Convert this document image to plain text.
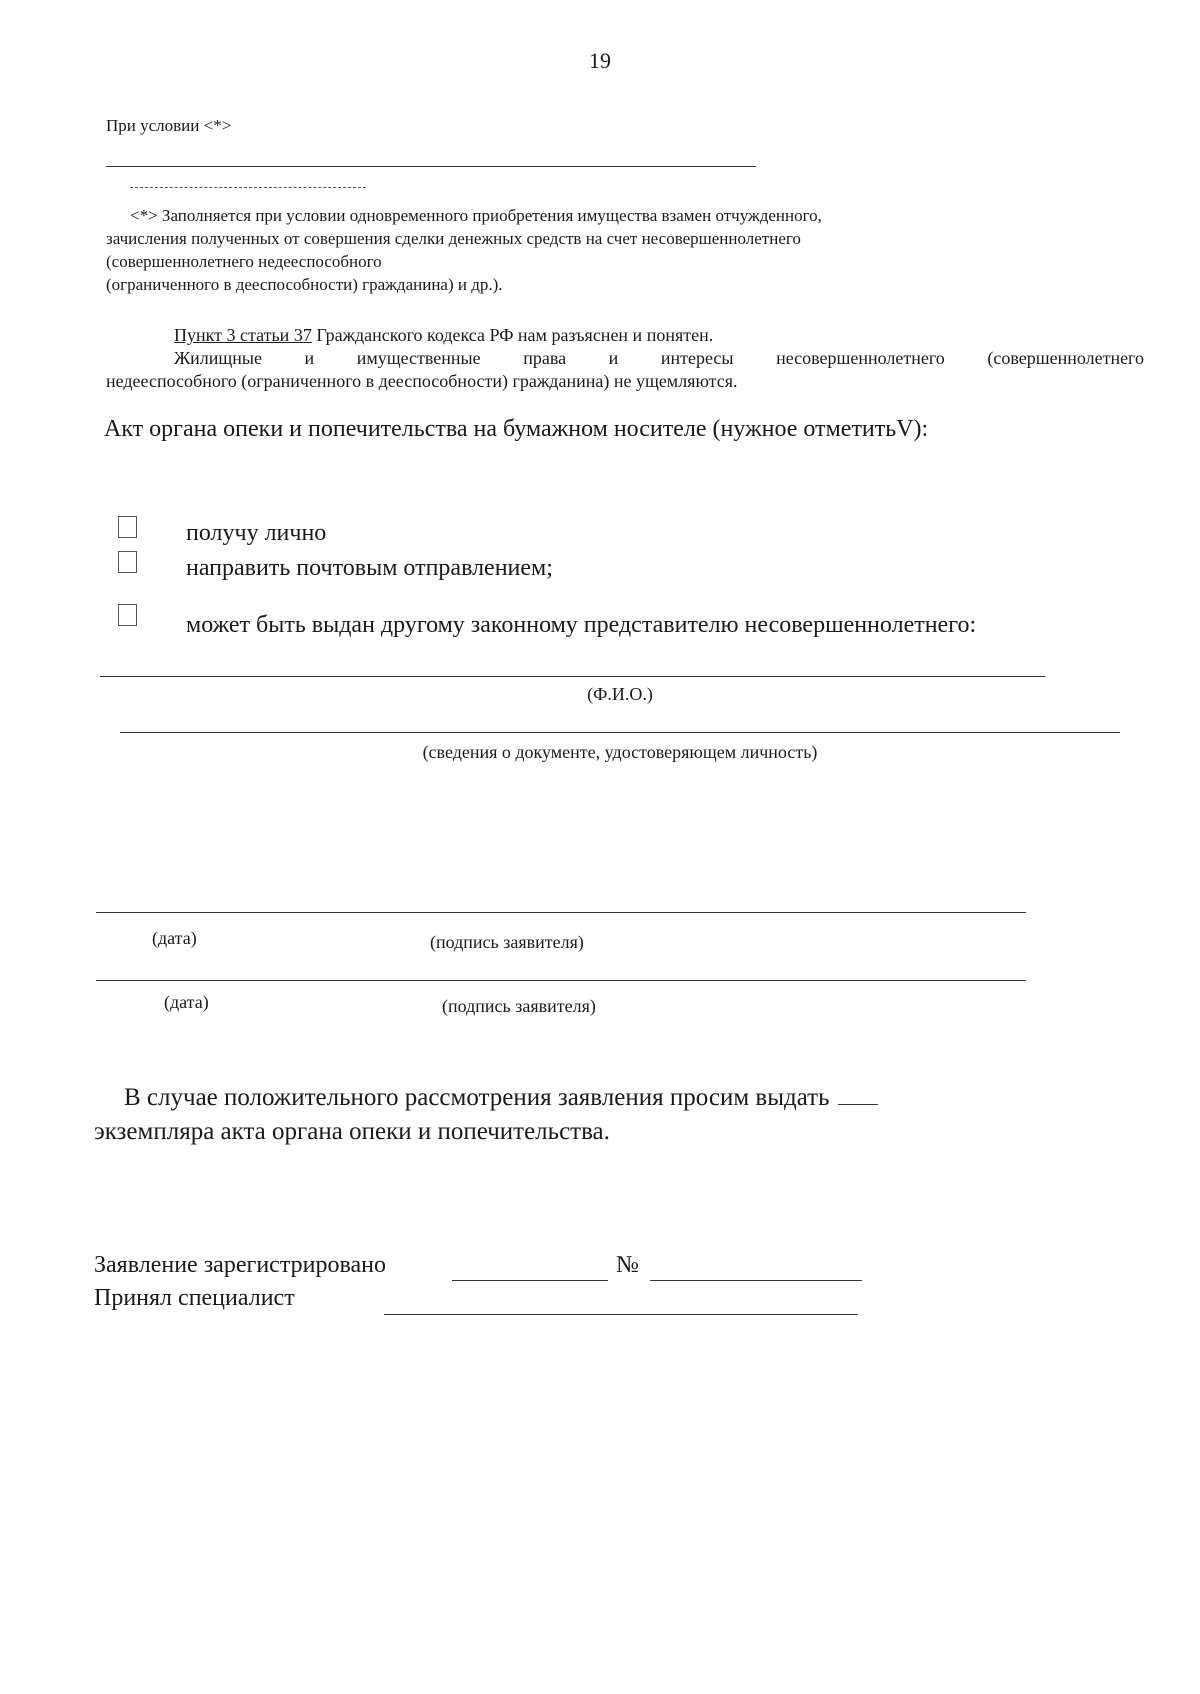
19
При условии <*>
<*> Заполняется при условии одновременного приобретения имущества взамен отчужденного,
зачисления полученных от совершения сделки денежных средств на счет несовершеннолетнего
(совершеннолетнего недееспособного
(ограниченного в дееспособности) гражданина) и др.).
Пункт 3 статьи 37 Гражданского кодекса РФ нам разъяснен и понятен.
Жилищные и имущественные права и интересы несовершеннолетнего (совершеннолетнего
недееспособного (ограниченного в дееспособности) гражданина) не ущемляются.
Акт органа опеки и попечительства на бумажном носителе (нужное отметитьV):
получу лично
направить почтовым отправлением;
может быть выдан другому законному представителю несовершеннолетнего:
(Ф.И.О.)
(сведения о документе, удостоверяющем личность)
(дата)	(подпись заявителя)
(дата)	(подпись заявителя)
В случае положительного рассмотрения заявления просим выдать
экземпляра акта органа опеки и попечительства.
Заявление зарегистрировано	№
Принял специалист
